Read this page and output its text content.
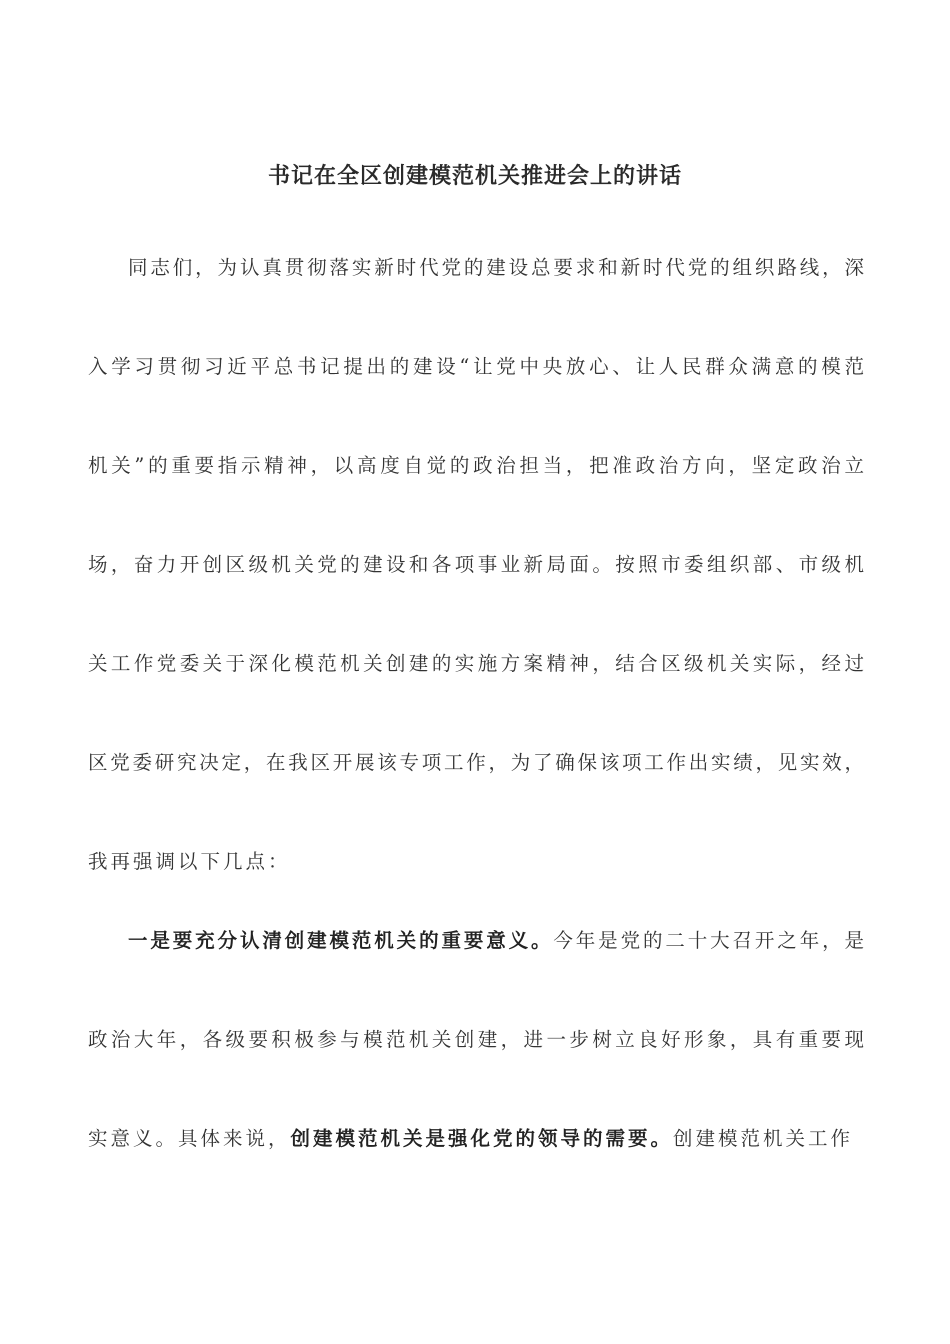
书记在全区创建模范机关推进会上的讲话
同志们，为认真贯彻落实新时代党的建设总要求和新时代党的组织路线，深
入学习贯彻习近平总书记提出的建设“让党中央放心、让人民群众满意的模范
机关”的重要指示精神，以高度自觉的政治担当，把准政治方向，坚定政治立
场，奋力开创区级机关党的建设和各项事业新局面。按照市委组织部、市级机
关工作党委关于深化模范机关创建的实施方案精神，结合区级机关实际，经过
区党委研究决定，在我区开展该专项工作，为了确保该项工作出实绩，见实效，
我再强调以下几点：
一是要充分认清创建模范机关的重要意义。今年是党的二十大召开之年，是
政治大年，各级要积极参与模范机关创建，进一步树立良好形象，具有重要现
实意义。具体来说，创建模范机关是强化党的领导的需要。创建模范机关工作
